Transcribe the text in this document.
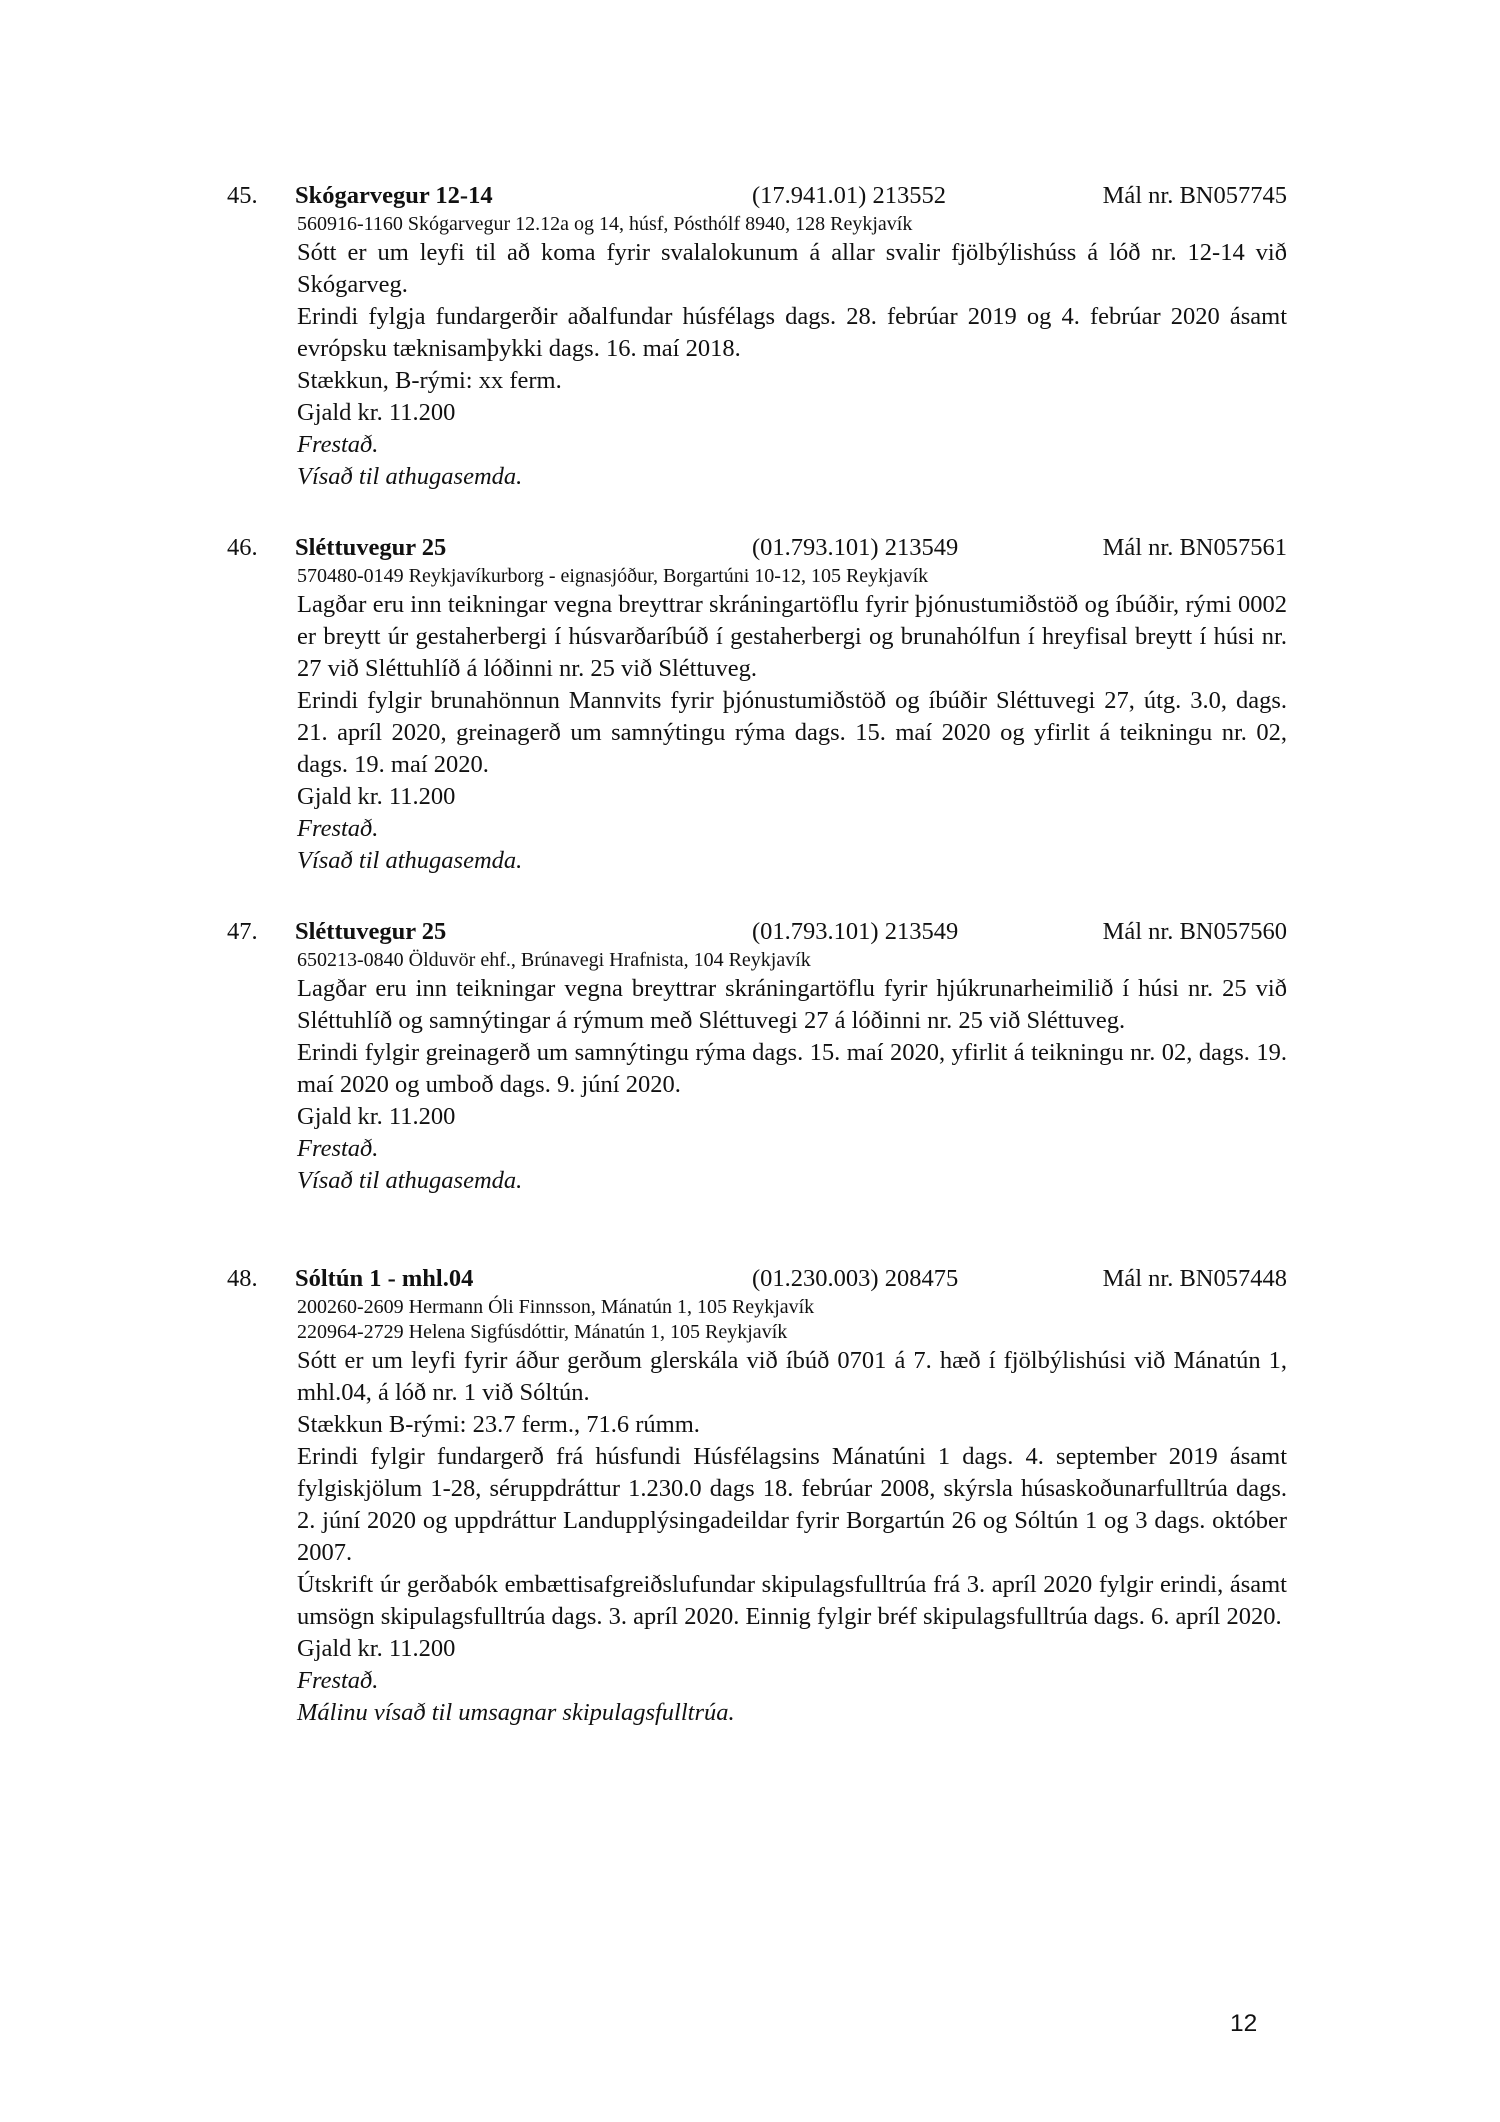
45. Skógarvegur 12-14	(17.941.01) 213552	Mál nr. BN057745
560916-1160 Skógarvegur 12.12a og 14, húsf, Pósthólf 8940, 128 Reykjavík

Sótt er um leyfi til að koma fyrir svalalokunum á allar svalir fjölbýlishúss á lóð nr. 12-14 við Skógarveg.

Erindi fylgja fundargerðir aðalfundar húsfélags dags. 28. febrúar 2019 og 4. febrúar 2020 ásamt evrópsku tæknisamþykki dags. 16. maí 2018.

Stækkun, B-rými: xx ferm.

Gjald kr. 11.200
Frestað.
Vísað til athugasemda.
46. Sléttuvegur 25	(01.793.101) 213549	Mál nr. BN057561
570480-0149 Reykjavíkurborg - eignasjóður, Borgartúni 10-12, 105 Reykjavík

Lagðar eru inn teikningar vegna breyttrar skráningartöflu fyrir þjónustumiðstöð og íbúðir, rými 0002 er breytt úr gestaherbergi í húsvarðaríbúð í gestaherbergi og brunahólfun í hreyfisal breytt í húsi nr. 27 við Sléttuhlíð á lóðinni nr. 25 við Sléttuveg.

Erindi fylgir brunahönnun Mannvits fyrir þjónustumiðstöð og íbúðir Sléttuvegi 27, útg. 3.0, dags. 21. apríl 2020, greinagerð um samnýtingu rýma dags. 15. maí 2020 og yfirlit á teikningu nr. 02, dags. 19. maí 2020.

Gjald kr. 11.200
Frestað.
Vísað til athugasemda.
47. Sléttuvegur 25	(01.793.101) 213549	Mál nr. BN057560
650213-0840 Ölduvör ehf., Brúnavegi Hrafnista, 104 Reykjavík

Lagðar eru inn teikningar vegna breyttrar skráningartöflu fyrir hjúkrunarheimilið í húsi nr. 25 við Sléttuhlíð og samnýtingar á rýmum með Sléttuvegi 27 á lóðinni nr. 25 við Sléttuveg.

Erindi fylgir greinagerð um samnýtingu rýma dags. 15. maí 2020, yfirlit á teikningu nr. 02, dags. 19. maí 2020 og umboð dags. 9. júní 2020.

Gjald kr. 11.200
Frestað.
Vísað til athugasemda.
48. Sóltún 1 - mhl.04	(01.230.003) 208475	Mál nr. BN057448
200260-2609 Hermann Óli Finnsson, Mánatún 1, 105 Reykjavík
220964-2729 Helena Sigfúsdóttir, Mánatún 1, 105 Reykjavík

Sótt er um leyfi fyrir áður gerðum glerskála við íbúð 0701 á 7. hæð í fjölbýlishúsi við Mánatún 1, mhl.04, á lóð nr. 1 við Sóltún.

Stækkun B-rými: 23.7 ferm., 71.6 rúmm.

Erindi fylgir fundargerð frá húsfundi Húsfélagsins Mánatúni 1 dags. 4. september 2019 ásamt fylgiskjölum 1-28, séruppdráttur 1.230.0 dags 18. febrúar 2008, skýrsla húsaskoðunarfulltrúa dags. 2. júní 2020 og uppdráttur Landupplýsingadeildar fyrir Borgartún 26 og Sóltún 1 og 3 dags. október 2007.

Útskrift úr gerðabók embættisafgreiðslufundar skipulagsfulltrúa frá 3. apríl 2020 fylgir erindi, ásamt umsögn skipulagsfulltrúa dags. 3. apríl 2020. Einnig fylgir bréf skipulagsfulltrúa dags. 6. apríl 2020.

Gjald kr. 11.200
Frestað.
Málinu vísað til umsagnar skipulagsfulltrúa.
12
